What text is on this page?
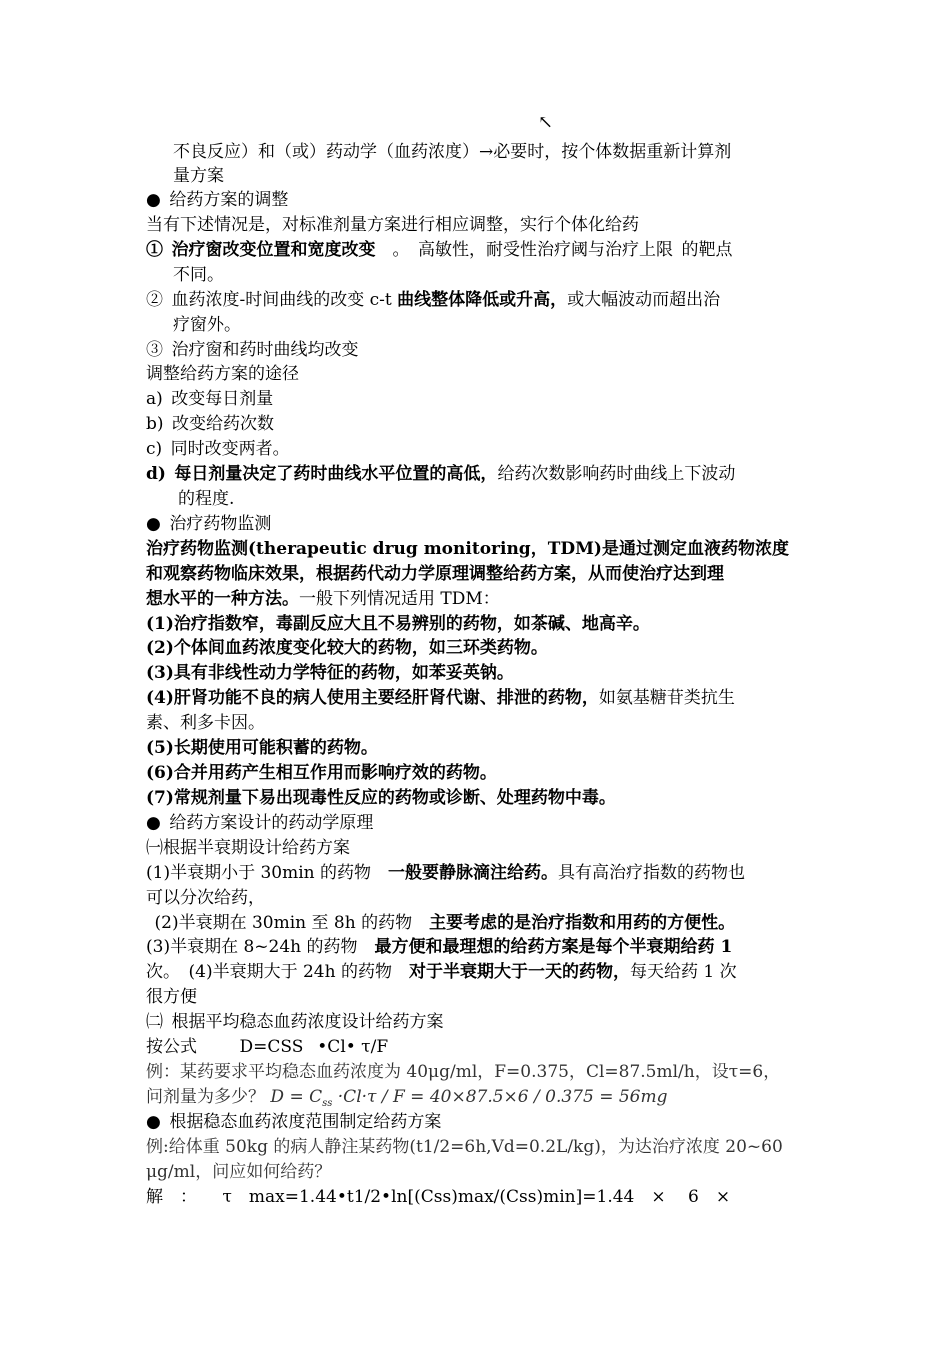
↖
不良反应）和（或）药动学（血药浓度）→必要时，按个体数据重新计算剂
量方案
● 给药方案的调整
当有下述情况是，对标准剂量方案进行相应调整，实行个体化给药
① 治疗窗改变位置和宽度改变　。 高敏性，耐受性治疗阈与治疗上限 的靶点
不同。
② 血药浓度-时间曲线的改变 c-t 曲线整体降低或升高，或大幅波动而超出治
疗窗外。
③ 治疗窗和药时曲线均改变
调整给药方案的途径
a) 改变每日剂量
b) 改变给药次数
c) 同时改变两者。
d) 每日剂量决定了药时曲线水平位置的高低，给药次数影响药时曲线上下波动
的程度.
● 治疗药物监测
治疗药物监测(therapeutic drug monitoring，TDM)是通过测定血液药物浓度
和观察药物临床效果，根据药代动力学原理调整给药方案，从而使治疗达到理
想水平的一种方法。一般下列情况适用 TDM：
(1)治疗指数窄，毒副反应大且不易辨别的药物，如茶碱、地高辛。
(2)个体间血药浓度变化较大的药物，如三环类药物。
(3)具有非线性动力学特征的药物，如苯妥英钠。
(4)肝肾功能不良的病人使用主要经肝肾代谢、排泄的药物，如氨基糖苷类抗生
素、利多卡因。
(5)长期使用可能积蓄的药物。
(6)合并用药产生相互作用而影响疗效的药物。
(7)常规剂量下易出现毒性反应的药物或诊断、处理药物中毒。
● 给药方案设计的药动学原理
㈠根据半衰期设计给药方案
(1)半衰期小于 30min 的药物　一般要静脉滴注给药。具有高治疗指数的药物也
可以分次给药，
 (2)半衰期在 30min 至 8h 的药物　主要考虑的是治疗指数和用药的方便性。
(3)半衰期在 8~24h 的药物　最方便和最理想的给药方案是每个半衰期给药 1
次。 (4)半衰期大于 24h 的药物　对于半衰期大于一天的药物，每天给药 1 次
很方便
㈡ 根据平均稳态血药浓度设计给药方案
按公式　　 D=CSS  •Cl• τ/F
例：某药要求平均稳态血药浓度为 40μg/ml，F=0.375，Cl=87.5ml/h，设τ=6，
问剂量为多少？ $D = C_{ss} \cdot Cl\cdot\tau / F = 40\times 87.5\times 6 / 0.375 = 56mg$
● 根据稳态血药浓度范围制定给药方案
例:给体重 50kg 的病人静注某药物(t1/2=6h,Vd=0.2L/kg)，为达治疗浓度 20~60
μg/ml，问应如何给药？
解  ：   τ  max=1.44•t1/2•ln[(Css)max/(Css)min]=1.44  ×   6  ×
